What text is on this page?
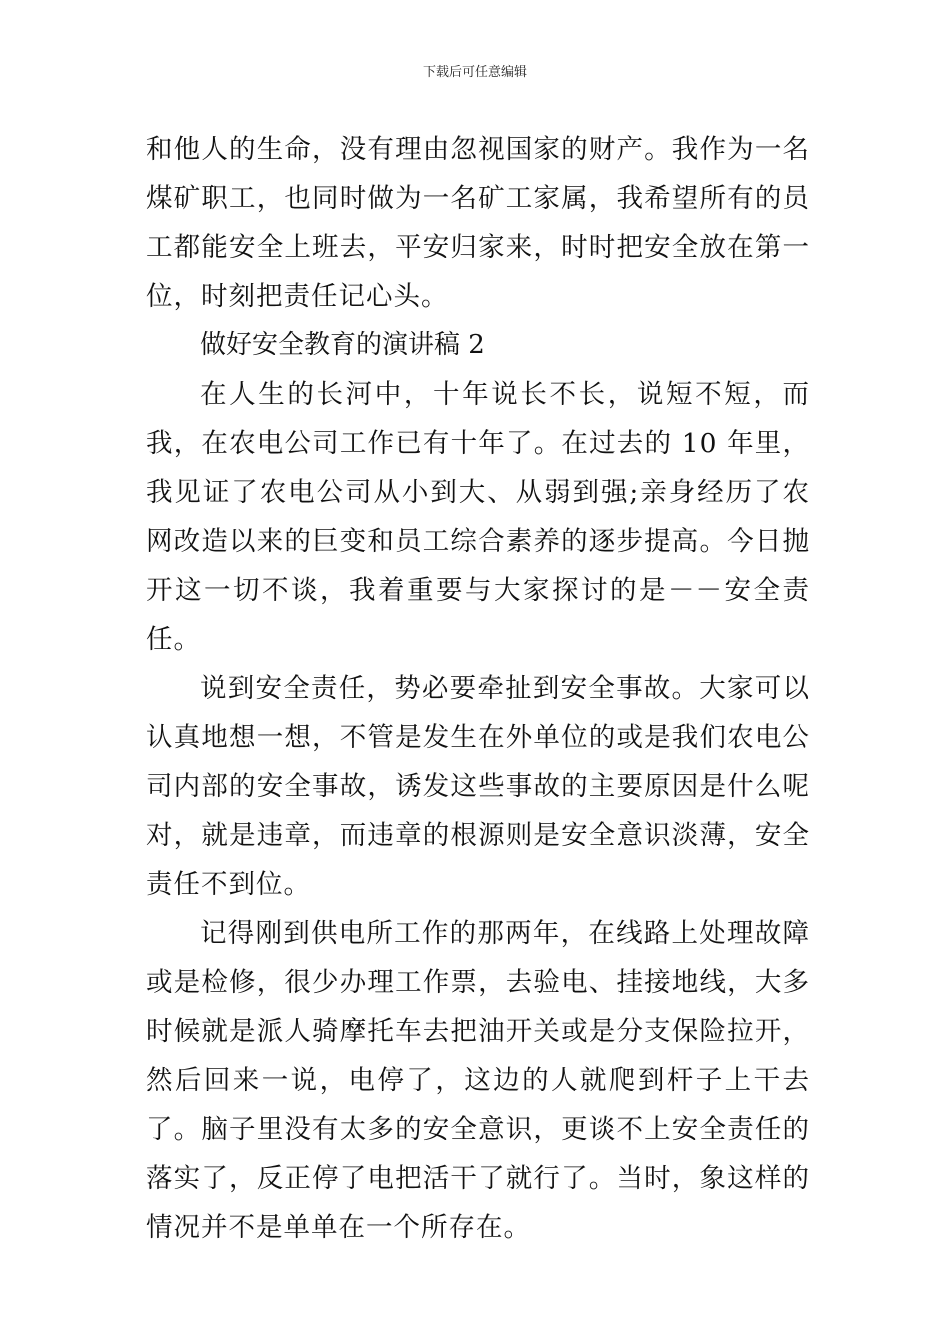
下载后可任意编辑

和他人的生命，没有理由忽视国家的财产。我作为一名煤矿职工，也同时做为一名矿工家属，我希望所有的员工都能安全上班去，平安归家来，时时把安全放在第一位，时刻把责任记心头。

做好安全教育的演讲稿 2

在人生的长河中，十年说长不长，说短不短，而我，在农电公司工作已有十年了。在过去的 10 年里，我见证了农电公司从小到大、从弱到强;亲身经历了农网改造以来的巨变和员工综合素养的逐步提高。今日抛开这一切不谈，我着重要与大家探讨的是－－安全责任。

说到安全责任，势必要牵扯到安全事故。大家可以认真地想一想，不管是发生在外单位的或是我们农电公司内部的安全事故，诱发这些事故的主要原因是什么呢对，就是违章，而违章的根源则是安全意识淡薄，安全责任不到位。

记得刚到供电所工作的那两年，在线路上处理故障或是检修，很少办理工作票，去验电、挂接地线，大多时候就是派人骑摩托车去把油开关或是分支保险拉开，然后回来一说，电停了，这边的人就爬到杆子上干去了。脑子里没有太多的安全意识，更谈不上安全责任的落实了，反正停了电把活干了就行了。当时，象这样的情况并不是单单在一个所存在。
